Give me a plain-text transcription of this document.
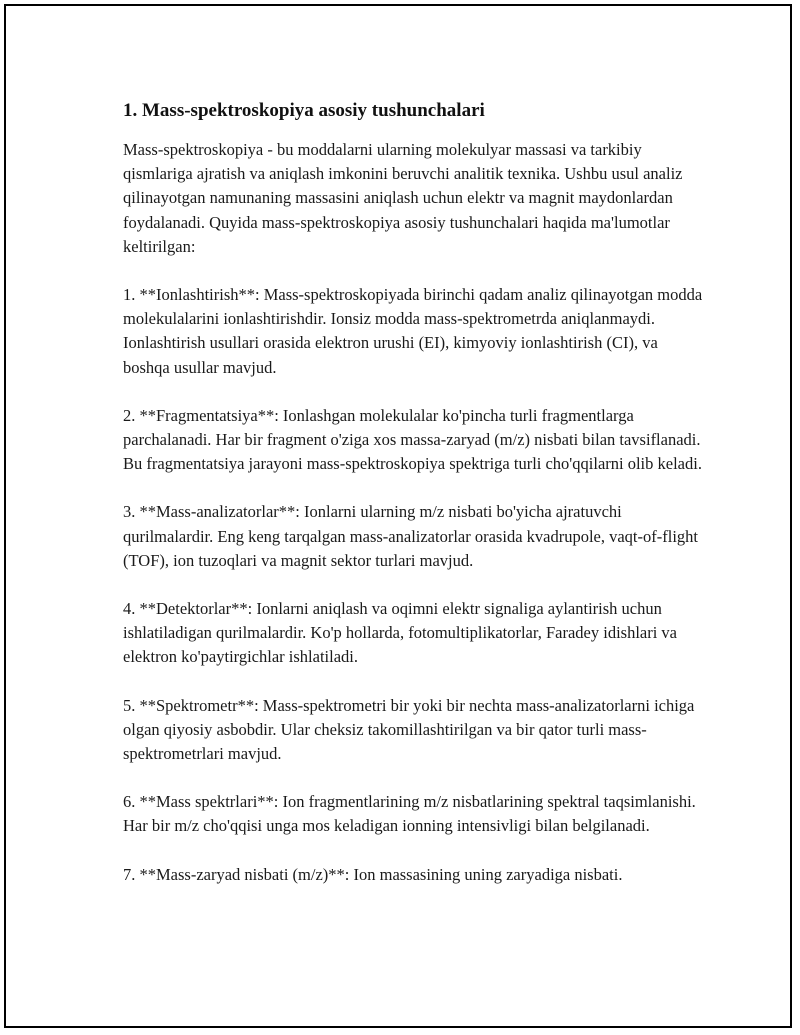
1. Mass-spektroskopiya asosiy tushunchalari

Mass-spektroskopiya - bu moddalarni ularning molekulyar massasi va tarkibiy qismlariga ajratish va aniqlash imkonini beruvchi analitik texnika. Ushbu usul analiz qilinayotgan namunaning massasini aniqlash uchun elektr va magnit maydonlardan foydalanadi. Quyida mass-spektroskopiya asosiy tushunchalari haqida ma'lumotlar keltirilgan:

1. **Ionlashtirish**: Mass-spektroskopiyada birinchi qadam analiz qilinayotgan modda molekulalarini ionlashtirishdir. Ionsiz modda mass-spektrometrda aniqlanmaydi. Ionlashtirish usullari orasida elektron urushi (EI), kimyoviy ionlashtirish (CI), va boshqa usullar mavjud.

2. **Fragmentatsiya**: Ionlashgan molekulalar ko'pincha turli fragmentlarga parchalanadi. Har bir fragment o'ziga xos massa-zaryad (m/z) nisbati bilan tavsiflanadi. Bu fragmentatsiya jarayoni mass-spektroskopiya spektriga turli cho'qqilarni olib keladi.

3. **Mass-analizatorlar**: Ionlarni ularning m/z nisbati bo'yicha ajratuvchi qurilmalardir. Eng keng tarqalgan mass-analizatorlar orasida kvadrupole, vaqt-of-flight (TOF), ion tuzoqlari va magnit sektor turlari mavjud.

4. **Detektorlar**: Ionlarni aniqlash va oqimni elektr signaliga aylantirish uchun ishlatiladigan qurilmalardir. Ko'p hollarda, fotomultiplikatorlar, Faradey idishlari va elektron ko'paytirgichlar ishlatiladi.

5. **Spektrometr**: Mass-spektrometri bir yoki bir nechta mass-analizatorlarni ichiga olgan qiyosiy asbobdir. Ular cheksiz takomillashtirilgan va bir qator turli mass-spektrometrlari mavjud.

6. **Mass spektrlari**: Ion fragmentlarining m/z nisbatlarining spektral taqsimlanishi. Har bir m/z cho'qqisi unga mos keladigan ionning intensivligi bilan belgilanadi.

7. **Mass-zaryad nisbati (m/z)**: Ion massasining uning zaryadiga nisbati.
